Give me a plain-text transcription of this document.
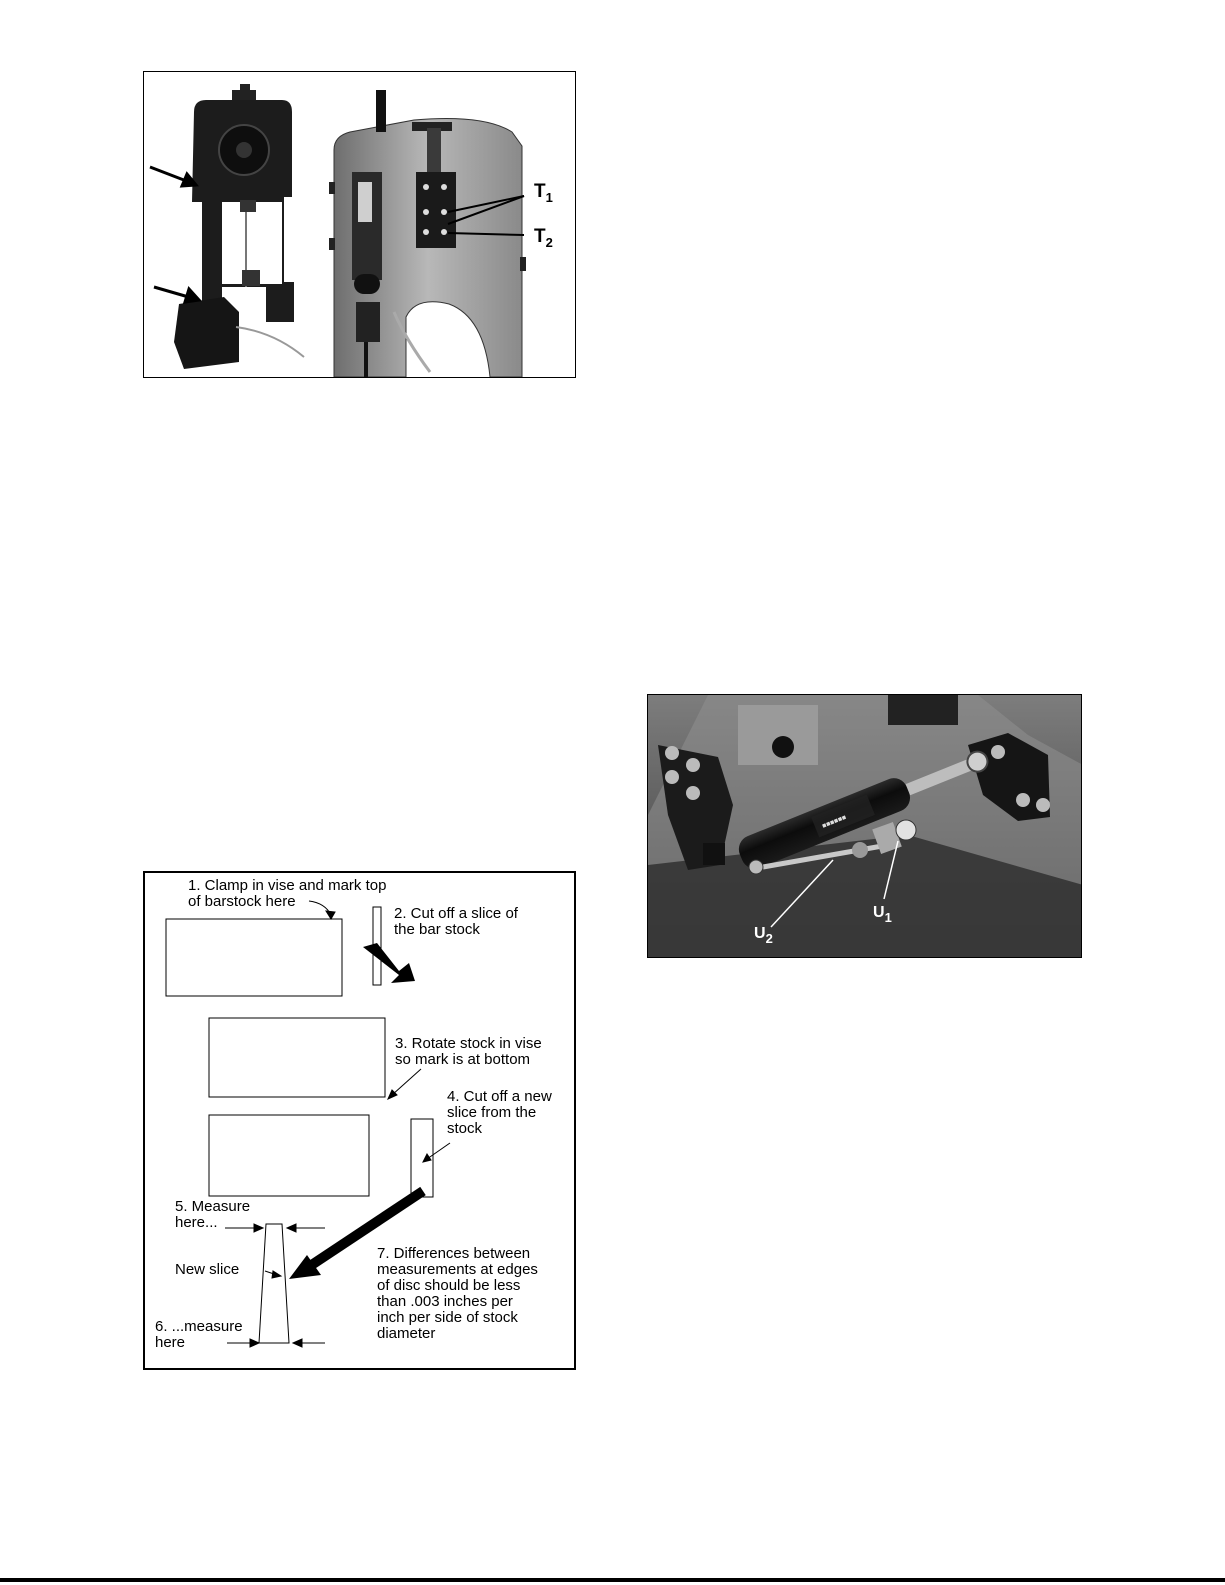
$T_1$
$T_2$
1. Clamp in vise and mark top
of barstock here
2. Cut off a slice of
the bar stock
3. Rotate stock in vise
so mark is at bottom
4. Cut off a new
slice from the
stock
5. Measure
here...
New slice
6. ...measure
here
7. Differences between
measurements at edges
of disc should be less
than .003 inches per
inch per side of stock
diameter
■■■■■■
$U_1$
$U_2$
